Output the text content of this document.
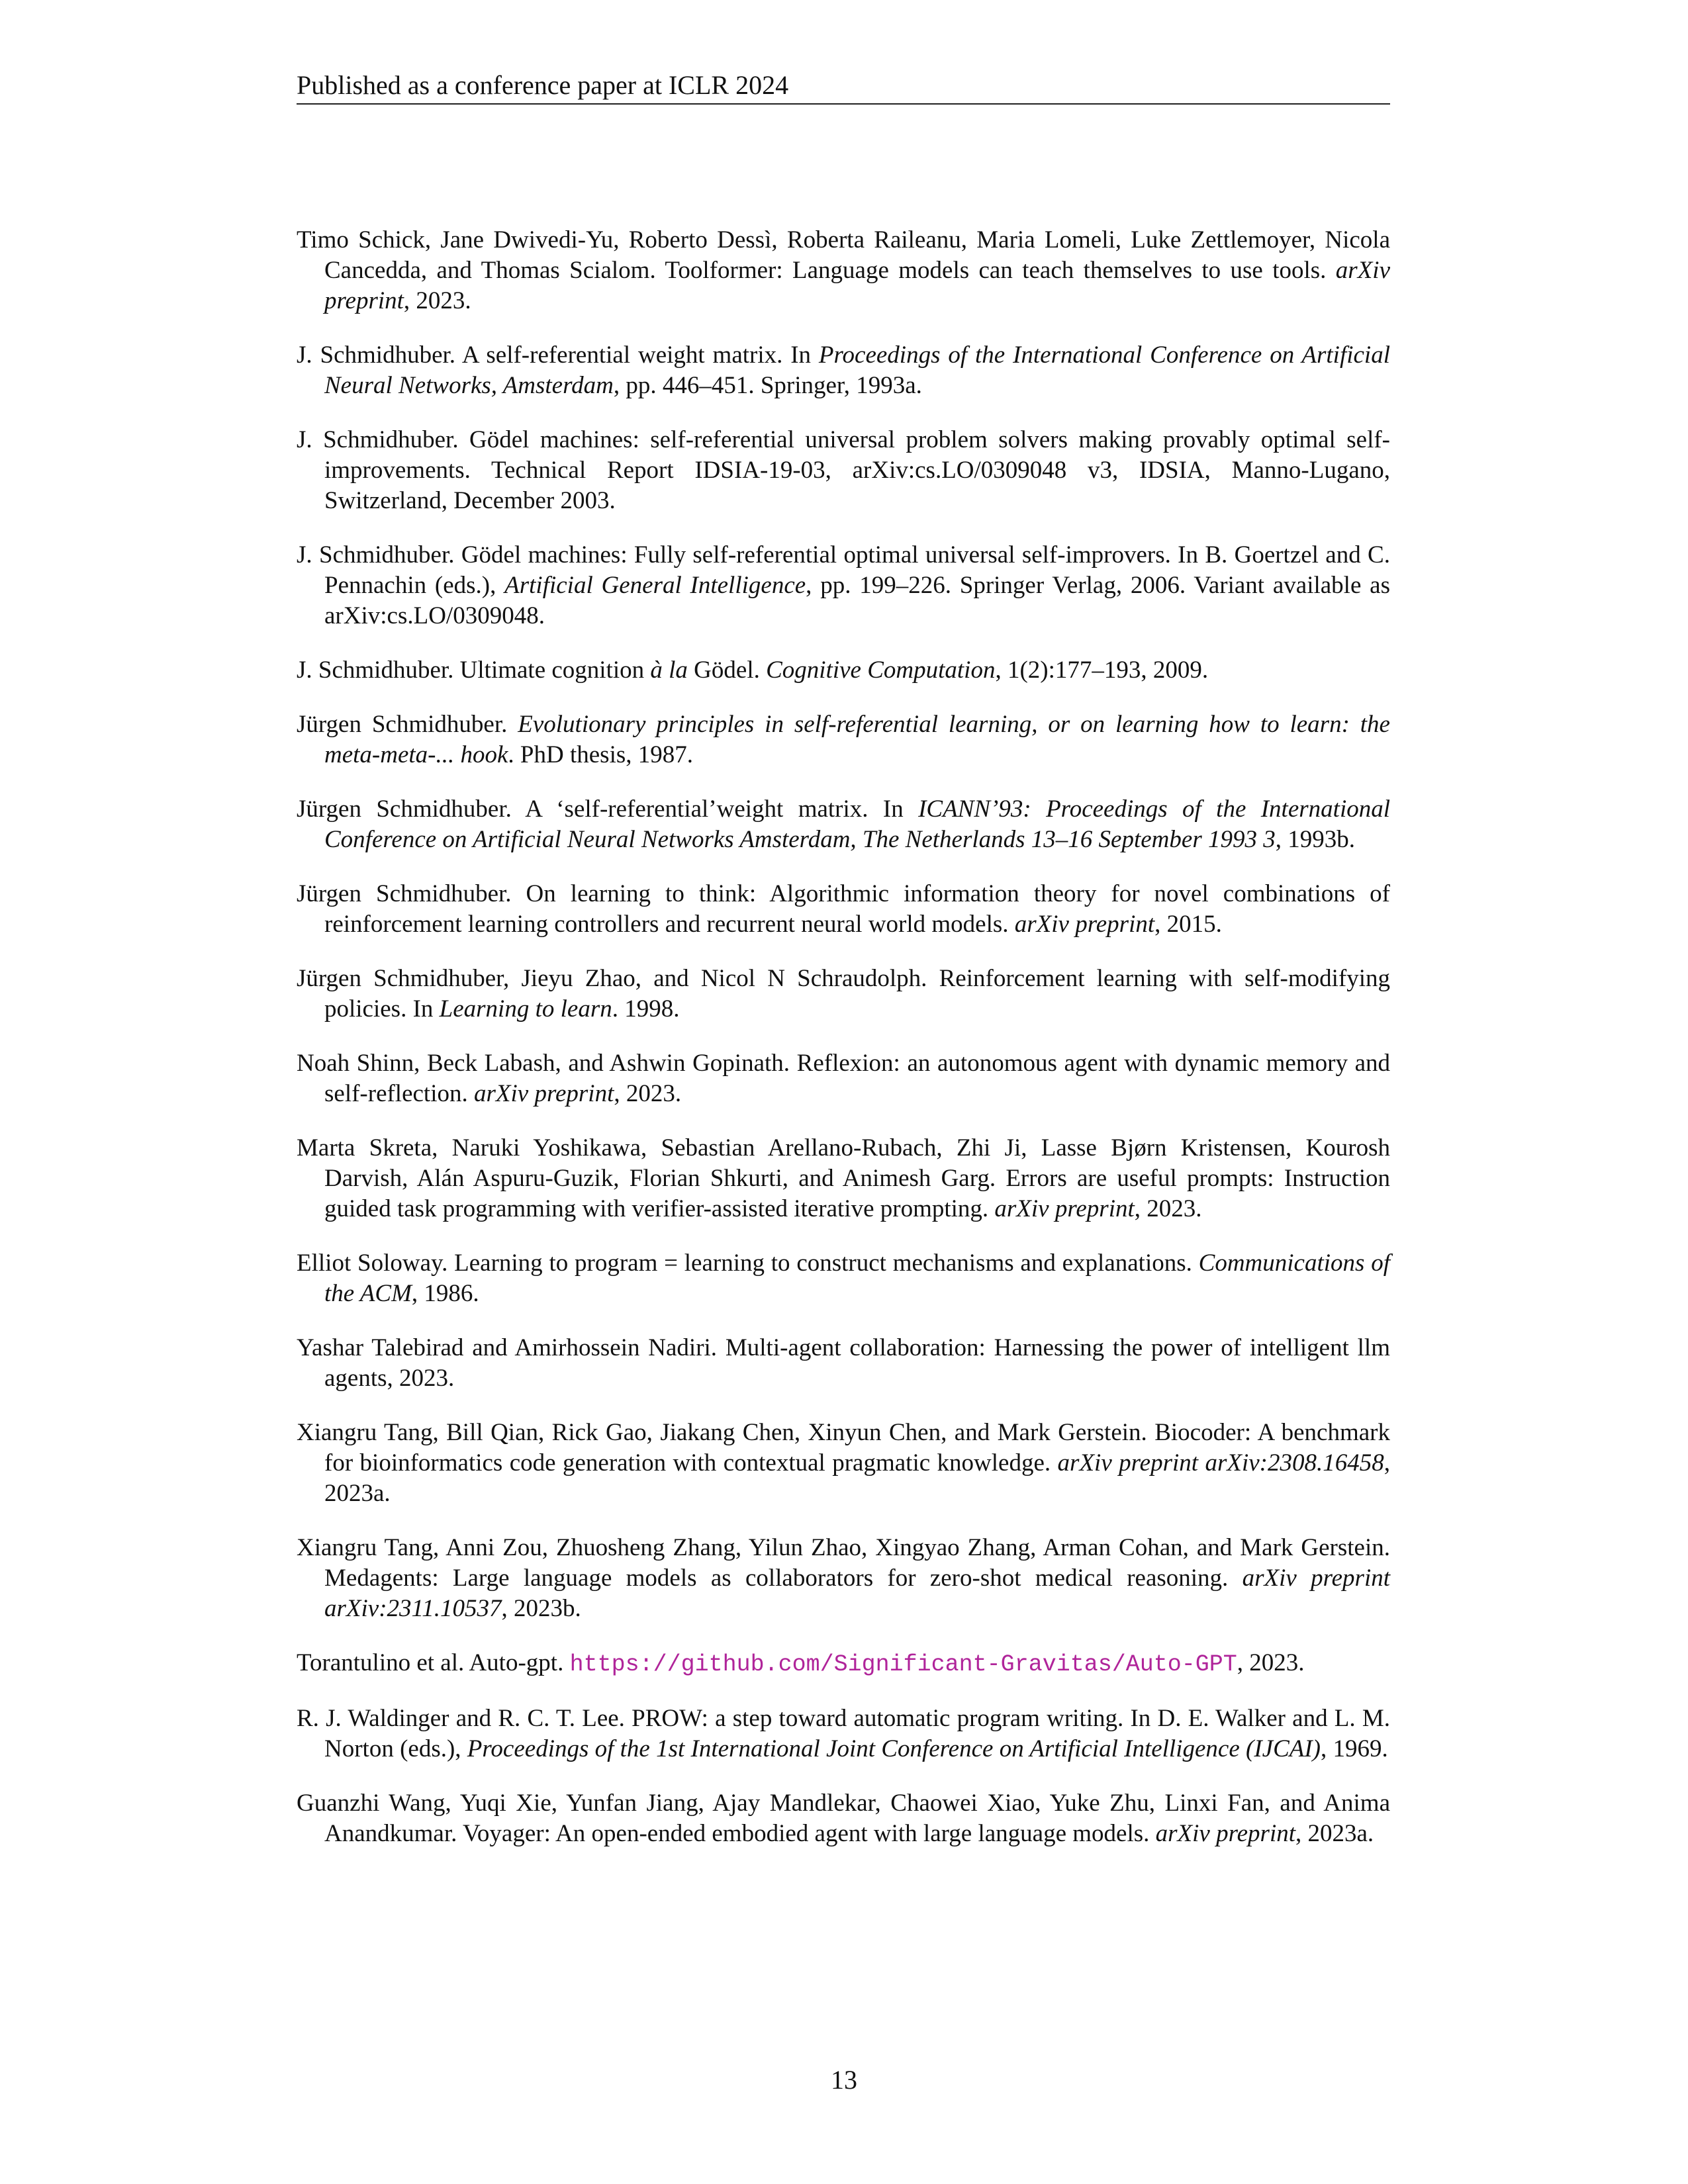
Published as a conference paper at ICLR 2024
Timo Schick, Jane Dwivedi-Yu, Roberto Dessì, Roberta Raileanu, Maria Lomeli, Luke Zettlemoyer, Nicola Cancedda, and Thomas Scialom. Toolformer: Language models can teach themselves to use tools. arXiv preprint, 2023.
J. Schmidhuber. A self-referential weight matrix. In Proceedings of the International Conference on Artificial Neural Networks, Amsterdam, pp. 446–451. Springer, 1993a.
J. Schmidhuber. Gödel machines: self-referential universal problem solvers making provably optimal self-improvements. Technical Report IDSIA-19-03, arXiv:cs.LO/0309048 v3, IDSIA, Manno-Lugano, Switzerland, December 2003.
J. Schmidhuber. Gödel machines: Fully self-referential optimal universal self-improvers. In B. Goertzel and C. Pennachin (eds.), Artificial General Intelligence, pp. 199–226. Springer Verlag, 2006. Variant available as arXiv:cs.LO/0309048.
J. Schmidhuber. Ultimate cognition à la Gödel. Cognitive Computation, 1(2):177–193, 2009.
Jürgen Schmidhuber. Evolutionary principles in self-referential learning, or on learning how to learn: the meta-meta-... hook. PhD thesis, 1987.
Jürgen Schmidhuber. A ‘self-referential’weight matrix. In ICANN’93: Proceedings of the International Conference on Artificial Neural Networks Amsterdam, The Netherlands 13–16 September 1993 3, 1993b.
Jürgen Schmidhuber. On learning to think: Algorithmic information theory for novel combinations of reinforcement learning controllers and recurrent neural world models. arXiv preprint, 2015.
Jürgen Schmidhuber, Jieyu Zhao, and Nicol N Schraudolph. Reinforcement learning with self-modifying policies. In Learning to learn. 1998.
Noah Shinn, Beck Labash, and Ashwin Gopinath. Reflexion: an autonomous agent with dynamic memory and self-reflection. arXiv preprint, 2023.
Marta Skreta, Naruki Yoshikawa, Sebastian Arellano-Rubach, Zhi Ji, Lasse Bjørn Kristensen, Kourosh Darvish, Alán Aspuru-Guzik, Florian Shkurti, and Animesh Garg. Errors are useful prompts: Instruction guided task programming with verifier-assisted iterative prompting. arXiv preprint, 2023.
Elliot Soloway. Learning to program = learning to construct mechanisms and explanations. Communications of the ACM, 1986.
Yashar Talebirad and Amirhossein Nadiri. Multi-agent collaboration: Harnessing the power of intelligent llm agents, 2023.
Xiangru Tang, Bill Qian, Rick Gao, Jiakang Chen, Xinyun Chen, and Mark Gerstein. Biocoder: A benchmark for bioinformatics code generation with contextual pragmatic knowledge. arXiv preprint arXiv:2308.16458, 2023a.
Xiangru Tang, Anni Zou, Zhuosheng Zhang, Yilun Zhao, Xingyao Zhang, Arman Cohan, and Mark Gerstein. Medagents: Large language models as collaborators for zero-shot medical reasoning. arXiv preprint arXiv:2311.10537, 2023b.
Torantulino et al. Auto-gpt. https://github.com/Significant-Gravitas/Auto-GPT, 2023.
R. J. Waldinger and R. C. T. Lee. PROW: a step toward automatic program writing. In D. E. Walker and L. M. Norton (eds.), Proceedings of the 1st International Joint Conference on Artificial Intelligence (IJCAI), 1969.
Guanzhi Wang, Yuqi Xie, Yunfan Jiang, Ajay Mandlekar, Chaowei Xiao, Yuke Zhu, Linxi Fan, and Anima Anandkumar. Voyager: An open-ended embodied agent with large language models. arXiv preprint, 2023a.
13
